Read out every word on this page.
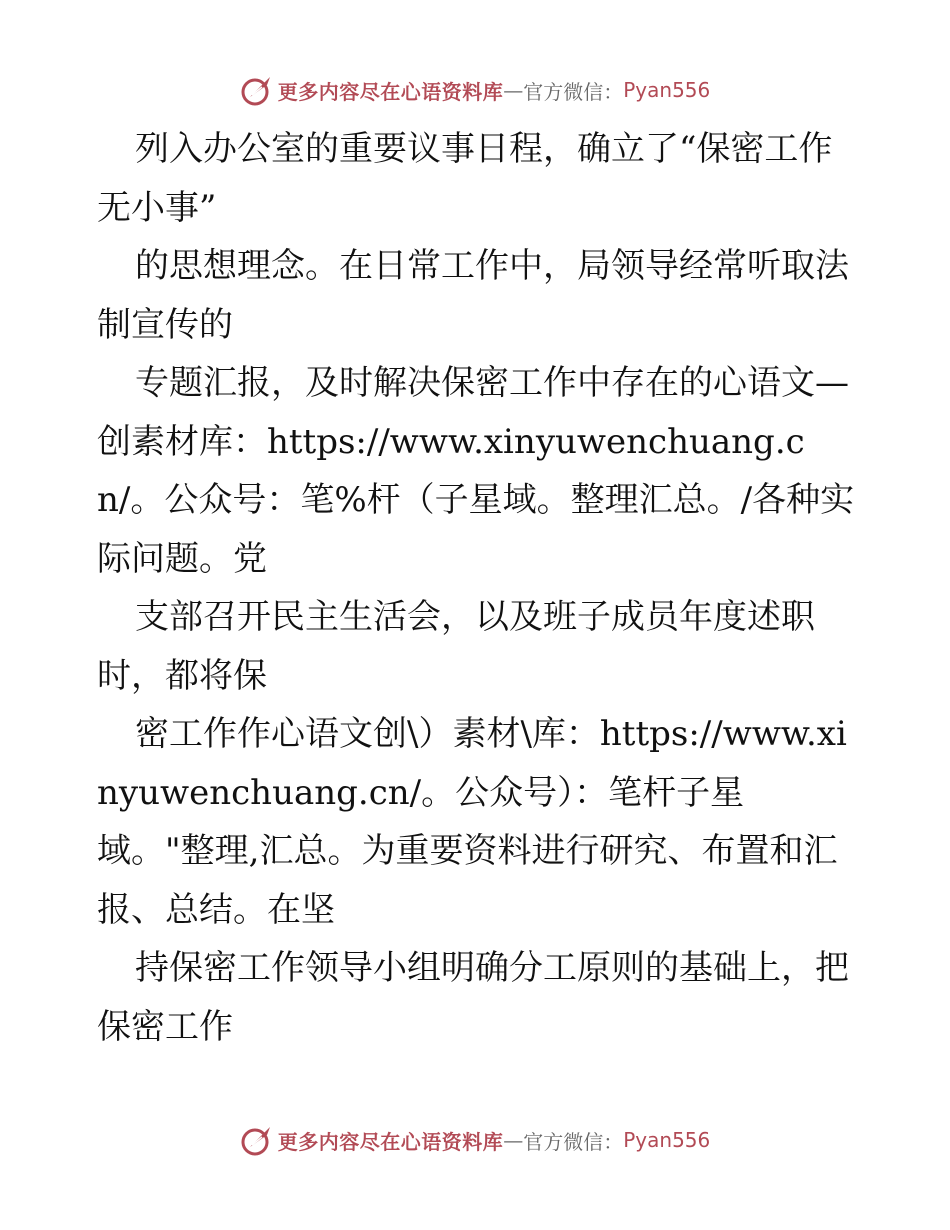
更多内容尽在心语资料库 — 官方微信： Pyan556

列入办公室的重要议事日程，确立了“保密工作无小事”

的思想理念。在日常工作中，局领导经常听取法制宣传的

专题汇报，及时解决保密工作中存在的心语文—创素材库：https://www.xinyuwenchuang.cn/。公众号：笔%杆（子星域。整理汇总。/各种实际问题。党

支部召开民主生活会，以及班子成员年度述职时，都将保

密工作作心语文创\）素材\库：https://www.xinyuwenchuang.cn/。公众号）：笔杆子星域。"整理,汇总。为重要资料进行研究、布置和汇报、总结。在坚

持保密工作领导小组明确分工原则的基础上，把保密工作

更多内容尽在心语资料库 — 官方微信： Pyan556
